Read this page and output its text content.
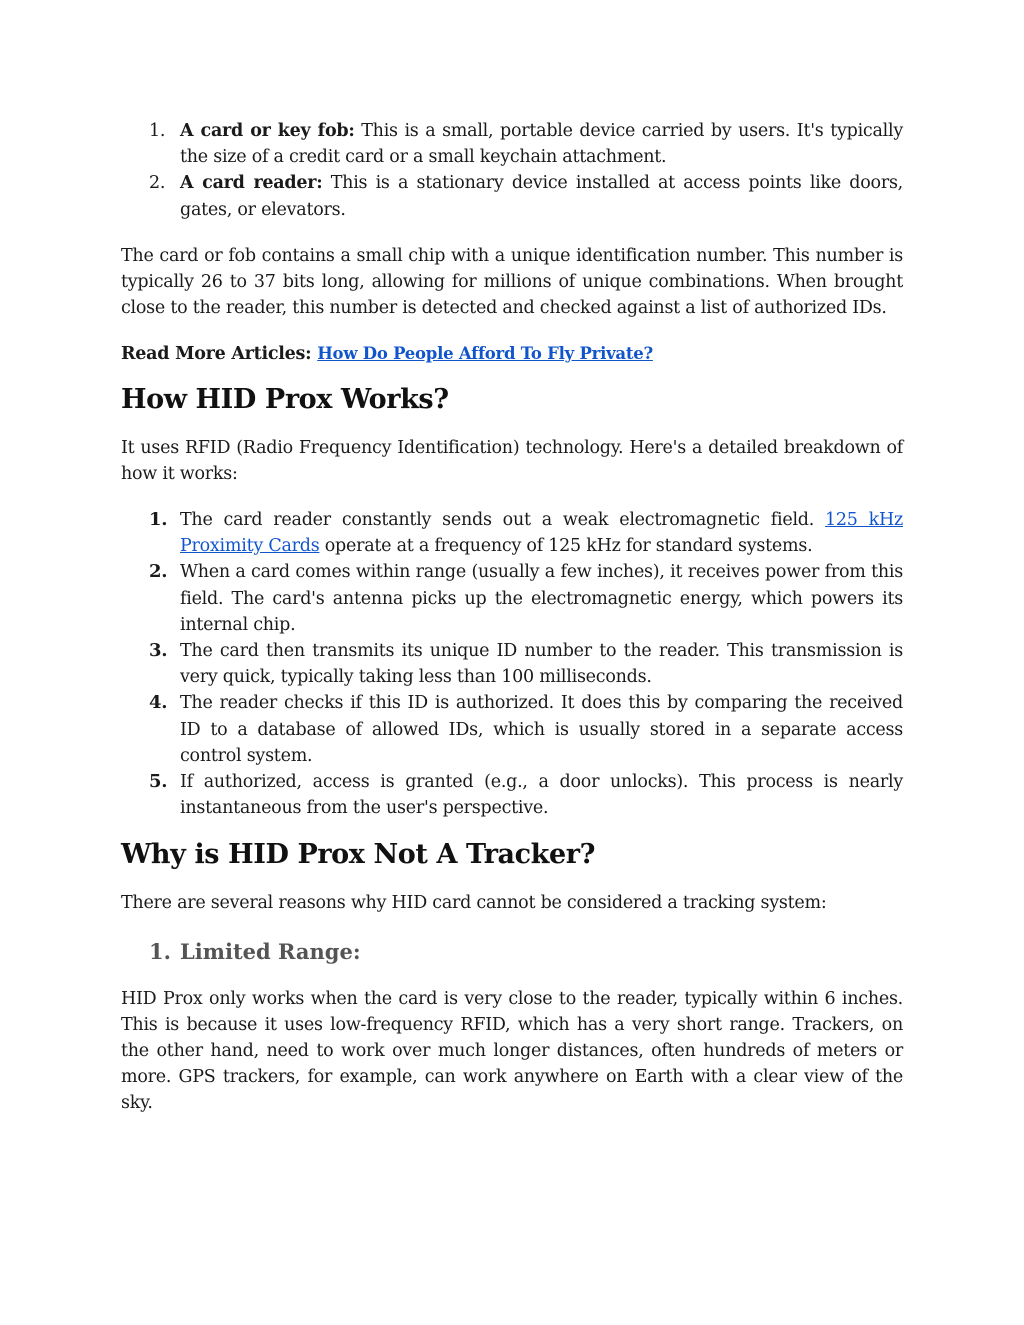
1. A card or key fob: This is a small, portable device carried by users. It's typically the size of a credit card or a small keychain attachment.
2. A card reader: This is a stationary device installed at access points like doors, gates, or elevators.

The card or fob contains a small chip with a unique identification number. This number is typically 26 to 37 bits long, allowing for millions of unique combinations. When brought close to the reader, this number is detected and checked against a list of authorized IDs.

Read More Articles: How Do People Afford To Fly Private?

How HID Prox Works?

It uses RFID (Radio Frequency Identification) technology. Here's a detailed breakdown of how it works:

1. The card reader constantly sends out a weak electromagnetic field. 125 kHz Proximity Cards operate at a frequency of 125 kHz for standard systems.
2. When a card comes within range (usually a few inches), it receives power from this field. The card's antenna picks up the electromagnetic energy, which powers its internal chip.
3. The card then transmits its unique ID number to the reader. This transmission is very quick, typically taking less than 100 milliseconds.
4. The reader checks if this ID is authorized. It does this by comparing the received ID to a database of allowed IDs, which is usually stored in a separate access control system.
5. If authorized, access is granted (e.g., a door unlocks). This process is nearly instantaneous from the user's perspective.
Why is HID Prox Not A Tracker?

There are several reasons why HID card cannot be considered a tracking system:

1. Limited Range:

HID Prox only works when the card is very close to the reader, typically within 6 inches. This is because it uses low-frequency RFID, which has a very short range. Trackers, on the other hand, need to work over much longer distances, often hundreds of meters or more. GPS trackers, for example, can work anywhere on Earth with a clear view of the sky.
